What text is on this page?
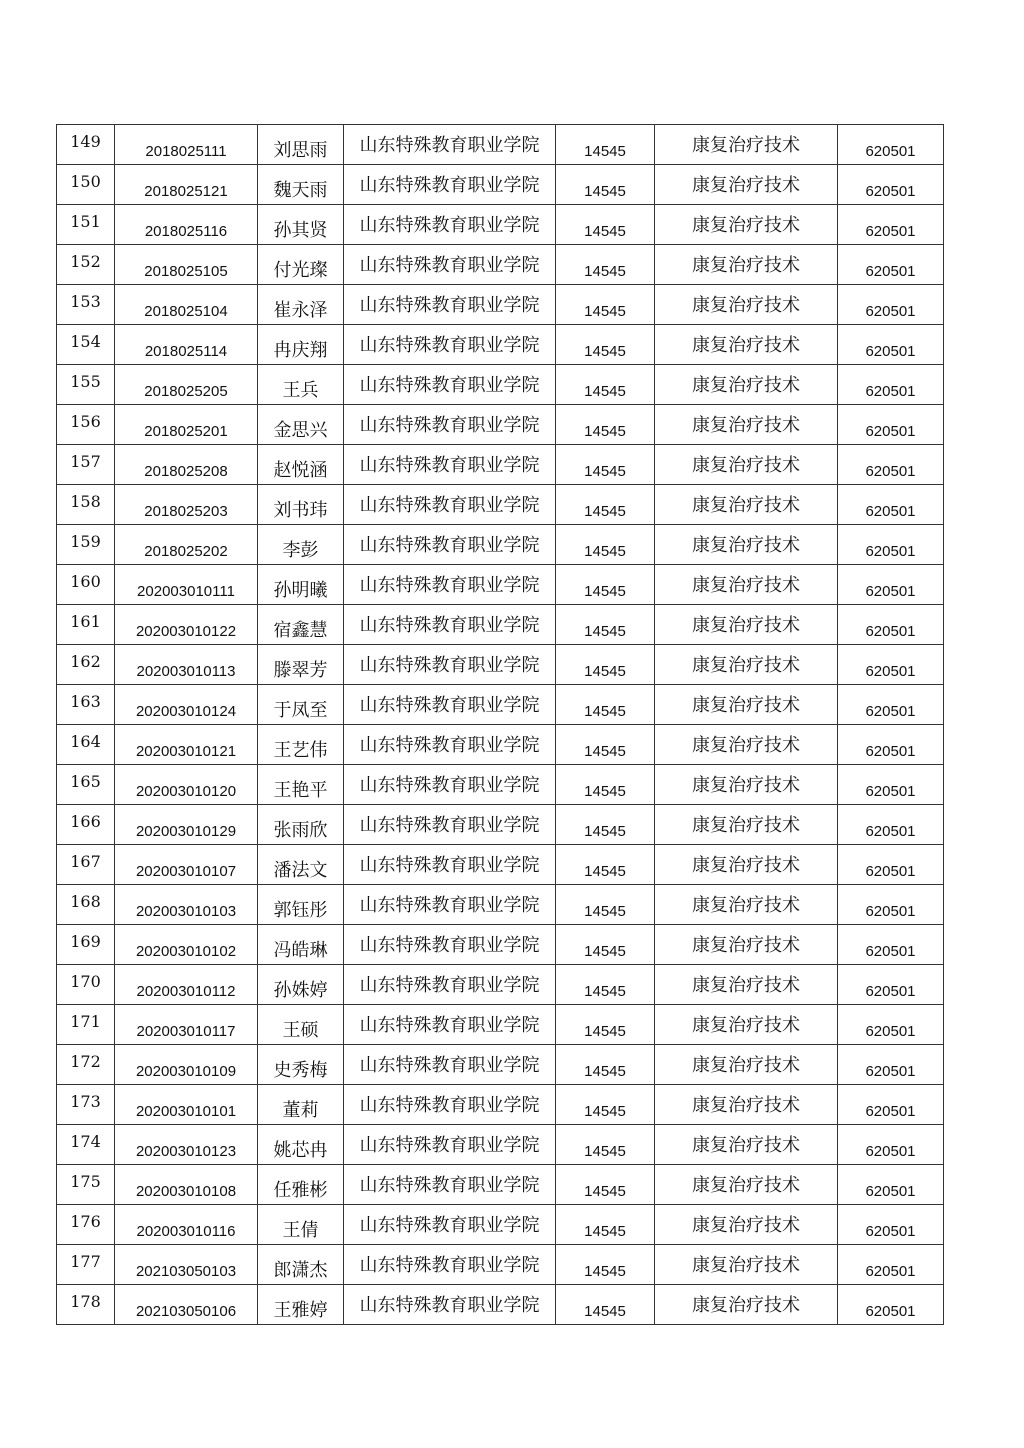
149	2018025111	刘思雨	山东特殊教育职业学院	14545	康复治疗技术	620501
150	2018025121	魏天雨	山东特殊教育职业学院	14545	康复治疗技术	620501
151	2018025116	孙其贤	山东特殊教育职业学院	14545	康复治疗技术	620501
152	2018025105	付光璨	山东特殊教育职业学院	14545	康复治疗技术	620501
153	2018025104	崔永泽	山东特殊教育职业学院	14545	康复治疗技术	620501
154	2018025114	冉庆翔	山东特殊教育职业学院	14545	康复治疗技术	620501
155	2018025205	王兵	山东特殊教育职业学院	14545	康复治疗技术	620501
156	2018025201	金思兴	山东特殊教育职业学院	14545	康复治疗技术	620501
157	2018025208	赵悦涵	山东特殊教育职业学院	14545	康复治疗技术	620501
158	2018025203	刘书玮	山东特殊教育职业学院	14545	康复治疗技术	620501
159	2018025202	李彭	山东特殊教育职业学院	14545	康复治疗技术	620501
160	202003010111	孙明曦	山东特殊教育职业学院	14545	康复治疗技术	620501
161	202003010122	宿鑫慧	山东特殊教育职业学院	14545	康复治疗技术	620501
162	202003010113	滕翠芳	山东特殊教育职业学院	14545	康复治疗技术	620501
163	202003010124	于凤至	山东特殊教育职业学院	14545	康复治疗技术	620501
164	202003010121	王艺伟	山东特殊教育职业学院	14545	康复治疗技术	620501
165	202003010120	王艳平	山东特殊教育职业学院	14545	康复治疗技术	620501
166	202003010129	张雨欣	山东特殊教育职业学院	14545	康复治疗技术	620501
167	202003010107	潘法文	山东特殊教育职业学院	14545	康复治疗技术	620501
168	202003010103	郭钰彤	山东特殊教育职业学院	14545	康复治疗技术	620501
169	202003010102	冯皓琳	山东特殊教育职业学院	14545	康复治疗技术	620501
170	202003010112	孙姝婷	山东特殊教育职业学院	14545	康复治疗技术	620501
171	202003010117	王硕	山东特殊教育职业学院	14545	康复治疗技术	620501
172	202003010109	史秀梅	山东特殊教育职业学院	14545	康复治疗技术	620501
173	202003010101	董莉	山东特殊教育职业学院	14545	康复治疗技术	620501
174	202003010123	姚芯冉	山东特殊教育职业学院	14545	康复治疗技术	620501
175	202003010108	任雅彬	山东特殊教育职业学院	14545	康复治疗技术	620501
176	202003010116	王倩	山东特殊教育职业学院	14545	康复治疗技术	620501
177	202103050103	郎潇杰	山东特殊教育职业学院	14545	康复治疗技术	620501
178	202103050106	王雅婷	山东特殊教育职业学院	14545	康复治疗技术	620501
